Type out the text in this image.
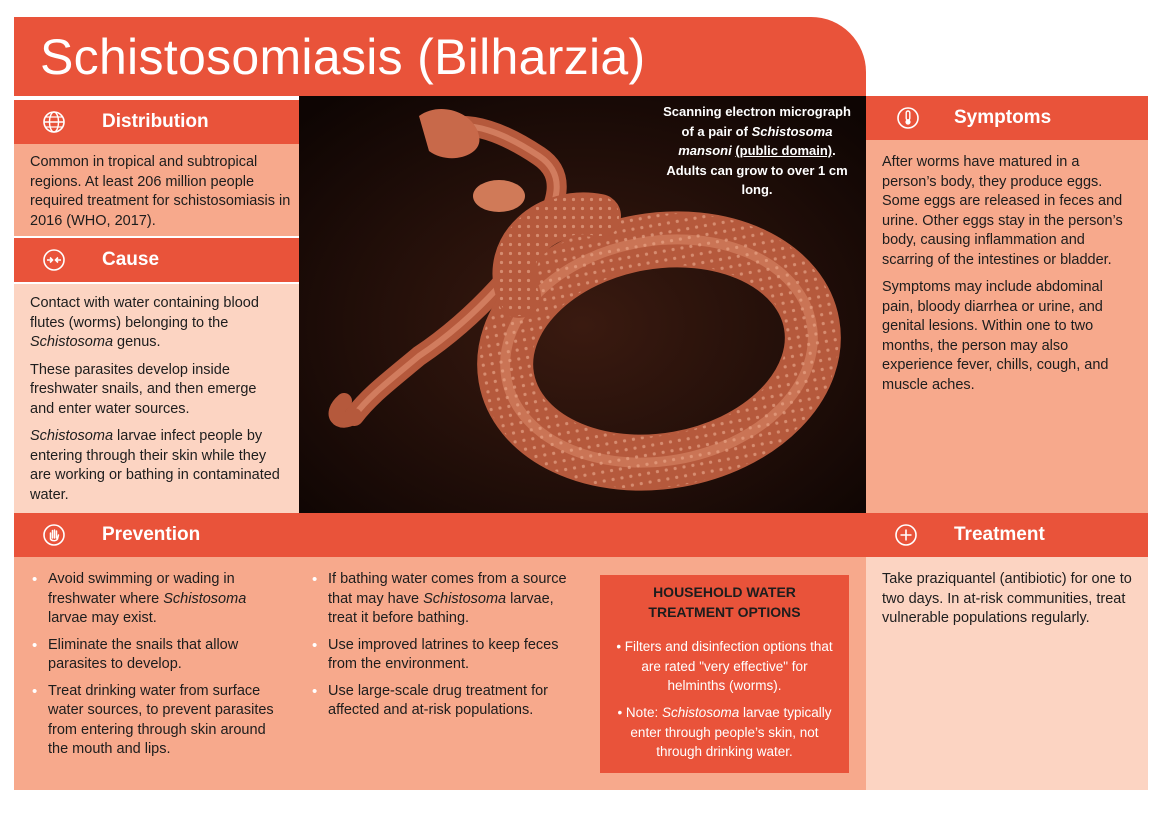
Schistosomiasis (Bilharzia)
Distribution
Common in tropical and subtropical regions. At least 206 million people required treatment for schistosomiasis in 2016 (WHO, 2017).
Cause

Contact with water containing blood flutes (worms) belonging to the Schistosoma genus.

These parasites develop inside freshwater snails, and then emerge and enter water sources.

Schistosoma larvae infect people by entering through their skin while they are working or bathing in contaminated water.

Scanning electron micrograph of a pair of Schistosoma mansoni (public domain). Adults can grow to over 1 cm long.
Symptoms

After worms have matured in a person’s body, they produce eggs. Some eggs are released in feces and urine. Other eggs stay in the person’s body, causing inflammation and scarring of the intestines or bladder.

Symptoms may include abdominal pain, bloody diarrhea or urine, and genital lesions. Within one to two months, the person may also experience fever, chills, cough, and muscle aches.

Prevention
• Avoid swimming or wading in freshwater where Schistosoma larvae may exist.
• Eliminate the snails that allow parasites to develop.
• Treat drinking water from surface water sources, to prevent parasites from entering through skin around the mouth and lips.
• If bathing water comes from a source that may have Schistosoma larvae, treat it before bathing.
• Use improved latrines to keep feces from the environment.
• Use large-scale drug treatment for affected and at-risk populations.
HOUSEHOLD WATER TREATMENT OPTIONS
• Filters and disinfection options that are rated "very effective" for helminths (worms).
• Note: Schistosoma larvae typically enter through people’s skin, not through drinking water.
Treatment
Take praziquantel (antibiotic) for one to two days. In at-risk communities, treat vulnerable populations regularly.
